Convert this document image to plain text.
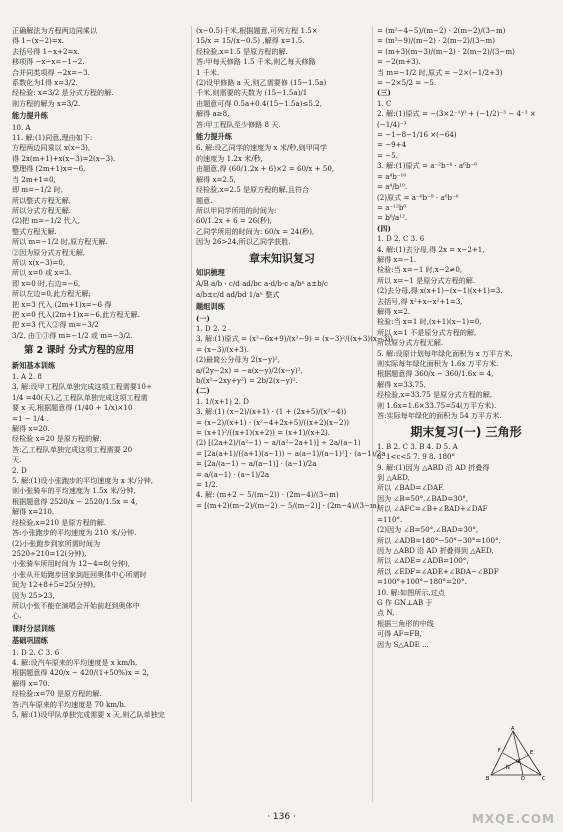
正确解法为方程两边同乘以
得 1−(x−2)=x.
去括号得 1−x+2=x.
移项得 −x−x=−1−2.
合并同类项得 −2x=−3.
系数化为1得 x=3/2.
经检验: x=3/2 是分式方程的解.
则方程的解为 x=3/2.
能力提升练
10. A
11. 解:(1)同意,理由如下:
方程两边同乘以 x(x−3),
得 2x(m+1)+x(x−3)=2(x−3).
整理得 (2m+1)x=−6,
当 2m+1=0,
即 m=−1/2 时,
所以整式方程无解,
所以分式方程无解.
(2)把 m=−1/2 代入,
整式方程无解.
所以 m=−1/2 时,原方程无解.
②因为原分式方程无解,
所以 x(x−3)=0,
所以 x=0 或 x=3.
即 x=0 时,右边=−6,
所以左边=0,此方程无解;
把 x=3 代入 (2m+1)x=−6 得
把 x=0 代入(2m+1)x=−6,此方程无解.
把 x=3 代入②得 m=−3/2
3/2, 由①③得 m=−1/2 或 m=−3/2.
第 2 课时 分式方程的应用
新知基本训练
1. A 2. 8
3. 解:设甲工程队单独完成这项工程需要10÷
1/4 =40(天),乙工程队单独完成这项工程需
要 x 天,根据题意得 (1/40 + 1/x)×10
=1 − 1/4 .
解得 x=20.
经检验 x=20 是原方程的解.
答:乙工程队单独完成这项工程需要 20
天.
2. D
5. 解:(1)设小张跑步的平均速度为 x 米/分钟,
则小张骑车的平均速度为 1.5x 米/分钟,
根据题意得 2520/x − 2520/1.5x = 4,
解得 x=210.
经检验,x=210 是原方程的解.
答:小张跑步的平均速度为 210 米/分钟.
(2)小张跑步到家所需时间为
2520÷210=12(分钟),
小张骑车所用时间为 12−4=8(分钟),
小张从开始跑步回家到赶回奥体中心所需时
间为 12+8+5=25(分钟),
因为 25>23,
所以小张不能在演唱会开始前赶到奥体中
心.
课时分层训练
基础巩固练
1. D 2. C 3. 6
4. 解:设汽车原来的平均速度是 x km/h,
根据题意得 420/x − 420/(1+50%)x = 2,
解得 x=70.
经检验:x=70 是原方程的解.
答:汽车原来的平均速度是 70 km/h.
5. 解:(1)设甲队单独完成需要 x 天,则乙队单独完
(x−0.5)千米,根据题意,可列方程 1.5×
15/x = 15/(x−0.5) ,解得 x=1.5.
经检验,x=1.5 是原方程的解.
答:甲每天修路 1.5 千米,则乙每天修路
1 千米.
(2)设甲修路 a 天,则乙需要修 (15−1.5a)
千米,则需要的天数为 (15−1.5a)/1
由题意可得 0.5a+0.4(15−1.5a)≤5.2,
解得 a≥8,
答:甲工程队至少修路 8 天.
能力提升练
6. 解:设乙同学的速度为 x 米/秒,则甲同学
的速度为 1.2x 米/秒,
由题意,得 (60/1.2x + 6)×2 = 60/x + 50,
解得 x=2.5,
经检验,x=2.5 是原方程的解,且符合
题意.
所以甲同学所用的时间为:
60/1.2x + 6 = 26(秒),
乙同学所用的时间为: 60/x = 24(秒),
因为 26>24,所以乙同学获胜.
章末知识复习
知识梳理
A/B a/b · c/d ad/bc a·d/b·c a/bⁿ a±b/c
a/b±c/d ad/bd 1/aⁿ 整式
题组训练
(一)
1. D 2. 2
3. 解:(1)原式 = (x²−6x+9)/(x²−9) = (x−3)²/((x+3)(x−3))
= (x−3)/(x+3).
(2)最简公分母为 2(x−y)²,
a/(2y−2x) = −a(x−y)/2(x−y)²,
b/(x²−2xy+y²) = 2b/2(x−y)².
(二)
1. 1/(x+1) 2. D
3. 解:(1) (x−2)/(x+1) · (1 + (2x+5)/(x²−4))
= (x−2)/(x+1) · (x²−4+2x+5)/((x+2)(x−2))
= (x+1)²/((x+1)(x+2)) = (x+1)/(x+2).
(2) [(2a+2)/(a²−1) − a/(a²−2a+1)] ÷ 2a/(a−1)
= [2a(a+1)/((a+1)(a−1)) − a(a−1)/(a−1)²] · (a−1)/2a
= [2a/(a−1) − a/(a−1)] · (a−1)/2a
= a/(a−1) · (a−1)/2a
= 1/2.
4. 解: (m+2 − 5/(m−2)) · (2m−4)/(3−m)
= [(m+2)(m−2)/(m−2) − 5/(m−2)] · (2m−4)/(3−m)
= (m²−4−5)/(m−2) · 2(m−2)/(3−m)
= (m²−9)/(m−2) · 2(m−2)/(3−m)
= (m+3)(m−3)/(m−2) · 2(m−2)/(3−m)
= −2(m+3).
当 m=−1/2 时,原式 = −2×(−1/2+3)
= −2×5/2 = −5.
(三)
1. C
2. 解:(1)原式 = −(3×2⁻¹)⁰ + (−1/2)⁻³ − 4⁻³ ×
(−1/4)⁻³
= −1−8−1/16 ×(−64)
= −9+4
= −5.
3. 解:(1)原式 = a⁻²b⁻⁴ · a⁶b⁻⁶
= a⁴b⁻¹⁰
= a⁴/b¹⁰.
(2)原式 = a⁻⁶b⁻⁹ · a⁶b⁻⁶
= a⁻¹²b⁶
= b⁶/a¹².
(四)
1. D 2. C 3. 6
4. 解:(1)去分母,得 2x = x−2+1,
解得 x=−1.
检验:当 x=−1 时,x−2≠0,
所以 x=−1 是原分式方程的解.
(2)去分母,得 x(x+1)−(x−1)(x+1)=3.
去括号,得 x²+x−x²+1=3,
解得 x=2.
检验:当 x=1 时,(x+1)(x−1)=0,
所以 x=1 不是原分式方程的解,
所以原分式方程无解.
5. 解:设原计划每年绿化面积为 x 万平方米,
则实际每年绿化面积为 1.6x 万平方米.
根据题意得 360/x − 360/1.6x = 4,
解得 x=33.75,
经检验,x=33.75 是原分式方程的解,
则 1.6x=1.6×33.75=54(万平方米).
答:实际每年绿化的面积为 54 万平方米.
期末复习(一) 三角形
1. B 2. C 3. B 4. D 5. A
6. 1<c<5 7. 9 8. 180°
9. 解:(1)因为 △ABD 沿 AD 折叠得
到 △AED,
所以 ∠BAD=∠DAF.
因为 ∠B=50°,∠BAD=30°,
所以 ∠AFC=∠B+∠BAD+∠DAF
=110°.
(2)因为 ∠B=50°,∠BAD=30°,
所以 ∠ADB=180°−50°−30°=100°.
因为 △ABD 沿 AD 折叠得到 △AED,
所以 ∠ADE=∠ADB=100°,
所以 ∠EDF=∠ADE+∠BDA−∠BDF
=100°+100°−180°=20°.
10. 解:如图所示,过点
G 作 GN⊥AB 于
点 N,
根据三角形的中线
可得 AF=FB,
因为 S△ADE ...
A
B	C
D
E
F
G
N
· 136 ·	MXQE.COM
